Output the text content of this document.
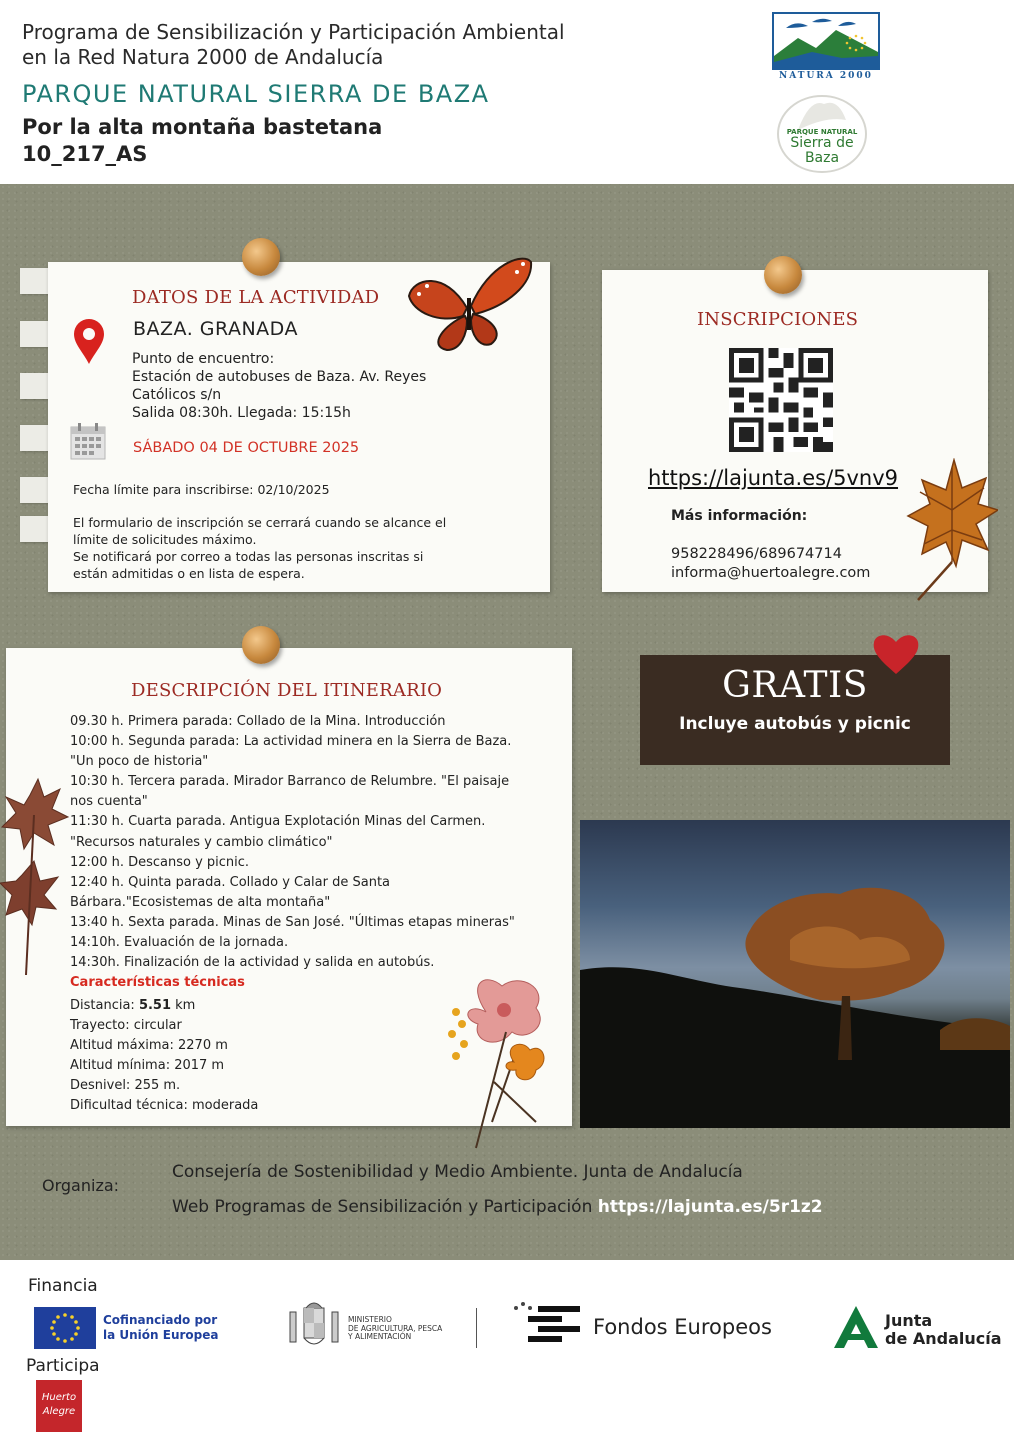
Programa de Sensibilización y Participación Ambiental
en la Red Natura 2000 de Andalucía
PARQUE NATURAL SIERRA DE BAZA
Por la alta montaña bastetana
10_217_AS
NATURA 2000
PARQUE NATURAL
Sierra de
Baza
DATOS DE LA ACTIVIDAD
BAZA. GRANADA
Punto de encuentro:
Estación de autobuses de Baza. Av. Reyes
Católicos s/n
Salida 08:30h. Llegada: 15:15h
SÁBADO 04 DE OCTUBRE 2025
Fecha límite para inscribirse: 02/10/2025
El formulario de inscripción se cerrará cuando se alcance el
límite de solicitudes máximo.
Se notificará por correo a todas las personas inscritas si
están admitidas o en lista de espera.
INSCRIPCIONES
https://lajunta.es/5vnv9
Más información:
958228496/689674714
informa@huertoalegre.com
DESCRIPCIÓN DEL ITINERARIO
09.30 h. Primera parada: Collado de la Mina. Introducción
10:00 h. Segunda parada: La actividad minera en la Sierra de Baza.
"Un poco de historia"
10:30 h. Tercera parada. Mirador Barranco de Relumbre. "El paisaje
nos cuenta"
11:30 h. Cuarta parada. Antigua Explotación Minas del Carmen.
"Recursos naturales y cambio climático"
12:00 h. Descanso y picnic.
12:40 h. Quinta parada. Collado y Calar de Santa
Bárbara."Ecosistemas de alta montaña"
13:40 h. Sexta parada. Minas de San José. "Últimas etapas mineras"
14:10h. Evaluación de la jornada.
14:30h. Finalización de la actividad y salida en autobús.
Características técnicas
Distancia: 5.51 km
Trayecto: circular
Altitud máxima: 2270 m
Altitud mínima: 2017 m
Desnivel: 255 m.
Dificultad técnica: moderada
GRATIS
Incluye autobús y picnic
Organiza:
Consejería de Sostenibilidad y Medio Ambiente. Junta de Andalucía
Web Programas de Sensibilización y Participación https://lajunta.es/5r1z2
Financia
Cofinanciado por
la Unión Europea
MINISTERIO
DE AGRICULTURA, PESCA
Y ALIMENTACIÓN	Fondos Europeos	Junta
de Andalucía
Participa
Huerto
Alegre
